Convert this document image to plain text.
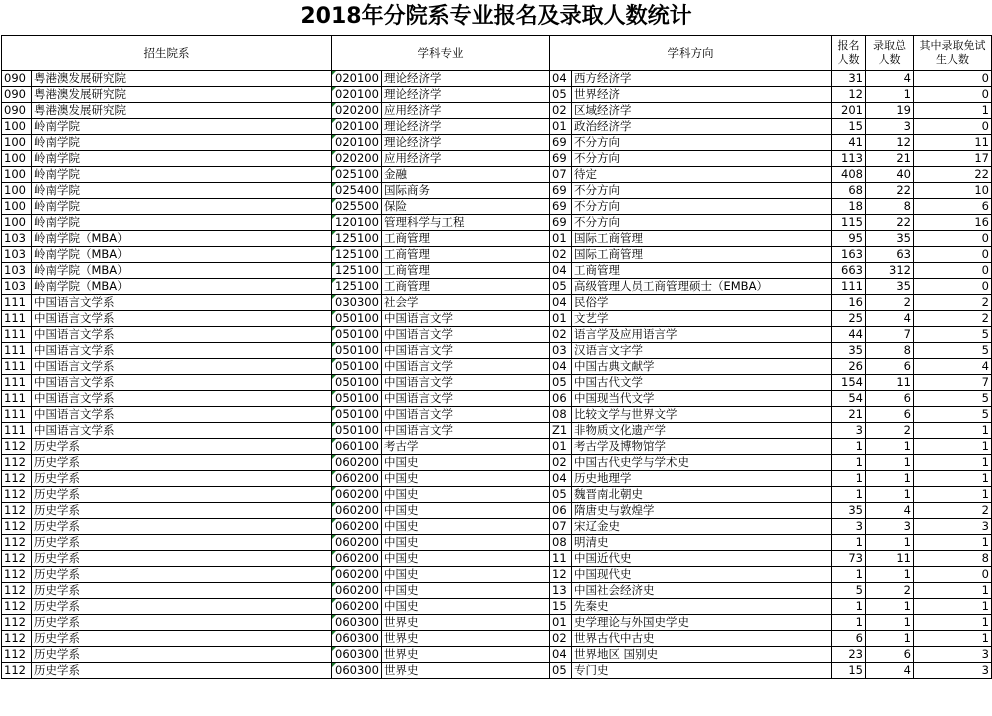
2018年分院系专业报名及录取人数统计
招生院系		学科专业		学科方向		报名人数	录取总人数	其中录取免试生人数
090	粤港澳发展研究院	020100	理论经济学	04	西方经济学	31	4	0
090	粤港澳发展研究院	020100	理论经济学	05	世界经济	12	1	0
090	粤港澳发展研究院	020200	应用经济学	02	区域经济学	201	19	1
100	岭南学院	020100	理论经济学	01	政治经济学	15	3	0
100	岭南学院	020100	理论经济学	69	不分方向	41	12	11
100	岭南学院	020200	应用经济学	69	不分方向	113	21	17
100	岭南学院	025100	金融	07	待定	408	40	22
100	岭南学院	025400	国际商务	69	不分方向	68	22	10
100	岭南学院	025500	保险	69	不分方向	18	8	6
100	岭南学院	120100	管理科学与工程	69	不分方向	115	22	16
103	岭南学院（MBA）	125100	工商管理	01	国际工商管理	95	35	0
103	岭南学院（MBA）	125100	工商管理	02	国际工商管理	163	63	0
103	岭南学院（MBA）	125100	工商管理	04	工商管理	663	312	0
103	岭南学院（MBA）	125100	工商管理	05	高级管理人员工商管理硕士（EMBA）	111	35	0
111	中国语言文学系	030300	社会学	04	民俗学	16	2	2
111	中国语言文学系	050100	中国语言文学	01	文艺学	25	4	2
111	中国语言文学系	050100	中国语言文学	02	语言学及应用语言学	44	7	5
111	中国语言文学系	050100	中国语言文学	03	汉语言文字学	35	8	5
111	中国语言文学系	050100	中国语言文学	04	中国古典文献学	26	6	4
111	中国语言文学系	050100	中国语言文学	05	中国古代文学	154	11	7
111	中国语言文学系	050100	中国语言文学	06	中国现当代文学	54	6	5
111	中国语言文学系	050100	中国语言文学	08	比较文学与世界文学	21	6	5
111	中国语言文学系	050100	中国语言文学	Z1	非物质文化遗产学	3	2	1
112	历史学系	060100	考古学	01	考古学及博物馆学	1	1	1
112	历史学系	060200	中国史	02	中国古代史学与学术史	1	1	1
112	历史学系	060200	中国史	04	历史地理学	1	1	1
112	历史学系	060200	中国史	05	魏晋南北朝史	1	1	1
112	历史学系	060200	中国史	06	隋唐史与敦煌学	35	4	2
112	历史学系	060200	中国史	07	宋辽金史	3	3	3
112	历史学系	060200	中国史	08	明清史	1	1	1
112	历史学系	060200	中国史	11	中国近代史	73	11	8
112	历史学系	060200	中国史	12	中国现代史	1	1	0
112	历史学系	060200	中国史	13	中国社会经济史	5	2	1
112	历史学系	060200	中国史	15	先秦史	1	1	1
112	历史学系	060300	世界史	01	史学理论与外国史学史	1	1	1
112	历史学系	060300	世界史	02	世界古代中古史	6	1	1
112	历史学系	060300	世界史	04	世界地区 国别史	23	6	3
112	历史学系	060300	世界史	05	专门史	15	4	3
